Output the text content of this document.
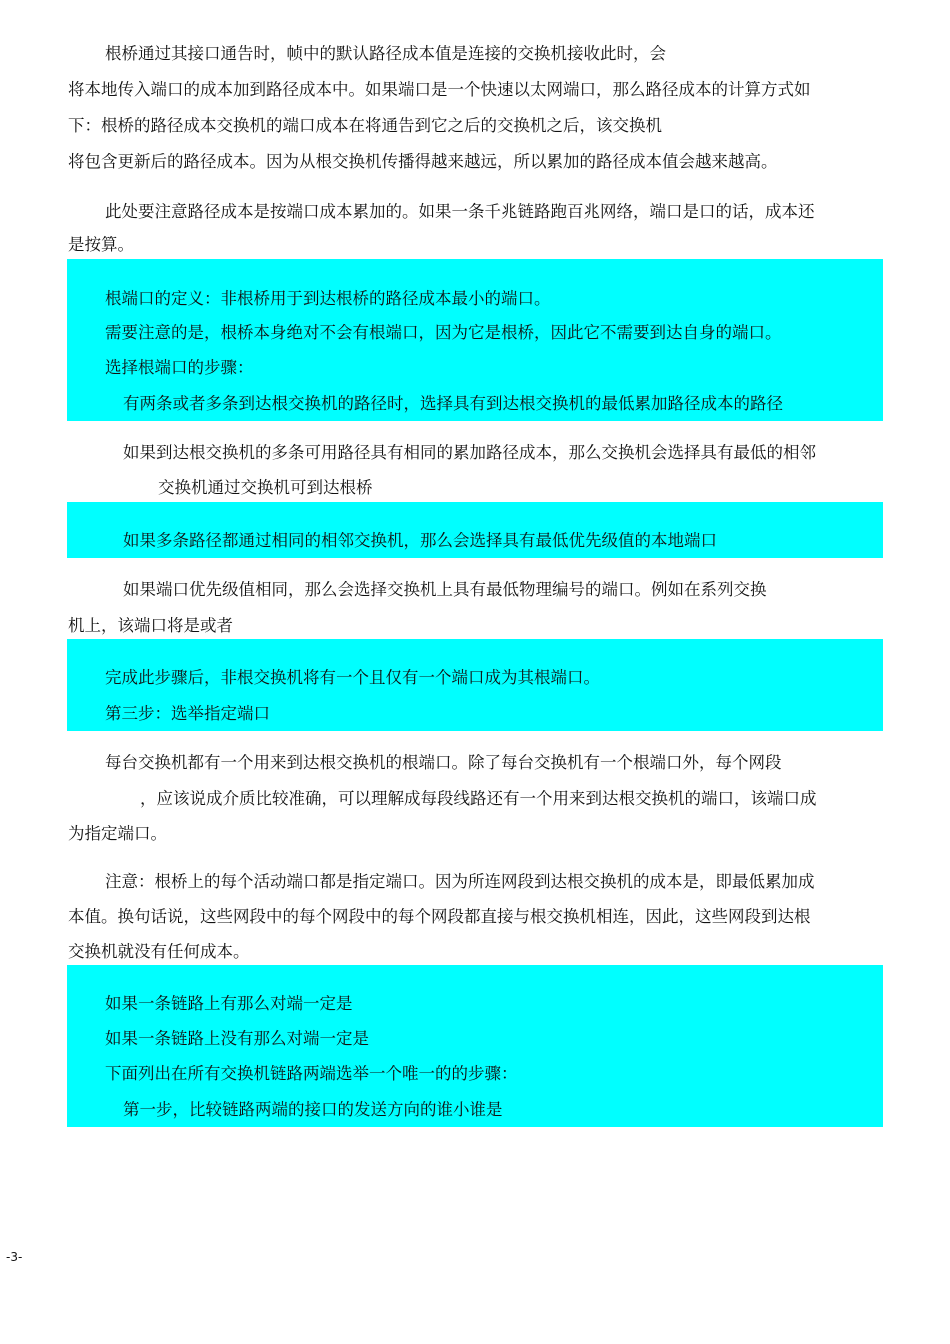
根桥通过其接口通告时，帧中的默认路径成本值是连接的交换机接收此时，会
将本地传入端口的成本加到路径成本中。如果端口是一个快速以太网端口，那么路径成本的计算方式如
下：根桥的路径成本交换机的端口成本在将通告到它之后的交换机之后，该交换机
将包含更新后的路径成本。因为从根交换机传播得越来越远，所以累加的路径成本值会越来越高。
此处要注意路径成本是按端口成本累加的。如果一条千兆链路跑百兆网络，端口是口的话，成本还
是按算。
根端口的定义：非根桥用于到达根桥的路径成本最小的端口。
需要注意的是，根桥本身绝对不会有根端口，因为它是根桥，因此它不需要到达自身的端口。
选择根端口的步骤：
有两条或者多条到达根交换机的路径时，选择具有到达根交换机的最低累加路径成本的路径
如果到达根交换机的多条可用路径具有相同的累加路径成本，那么交换机会选择具有最低的相邻
交换机通过交换机可到达根桥
如果多条路径都通过相同的相邻交换机，那么会选择具有最低优先级值的本地端口
如果端口优先级值相同，那么会选择交换机上具有最低物理编号的端口。例如在系列交换
机上，该端口将是或者
完成此步骤后，非根交换机将有一个且仅有一个端口成为其根端口。
第三步：选举指定端口
每台交换机都有一个用来到达根交换机的根端口。除了每台交换机有一个根端口外，每个网段
，应该说成介质比较准确，可以理解成每段线路还有一个用来到达根交换机的端口，该端口成
为指定端口。
注意：根桥上的每个活动端口都是指定端口。因为所连网段到达根交换机的成本是，即最低累加成
本值。换句话说，这些网段中的每个网段中的每个网段都直接与根交换机相连，因此，这些网段到达根
交换机就没有任何成本。
如果一条链路上有那么对端一定是
如果一条链路上没有那么对端一定是
下面列出在所有交换机链路两端选举一个唯一的的步骤：
第一步，比较链路两端的接口的发送方向的谁小谁是
-3-
